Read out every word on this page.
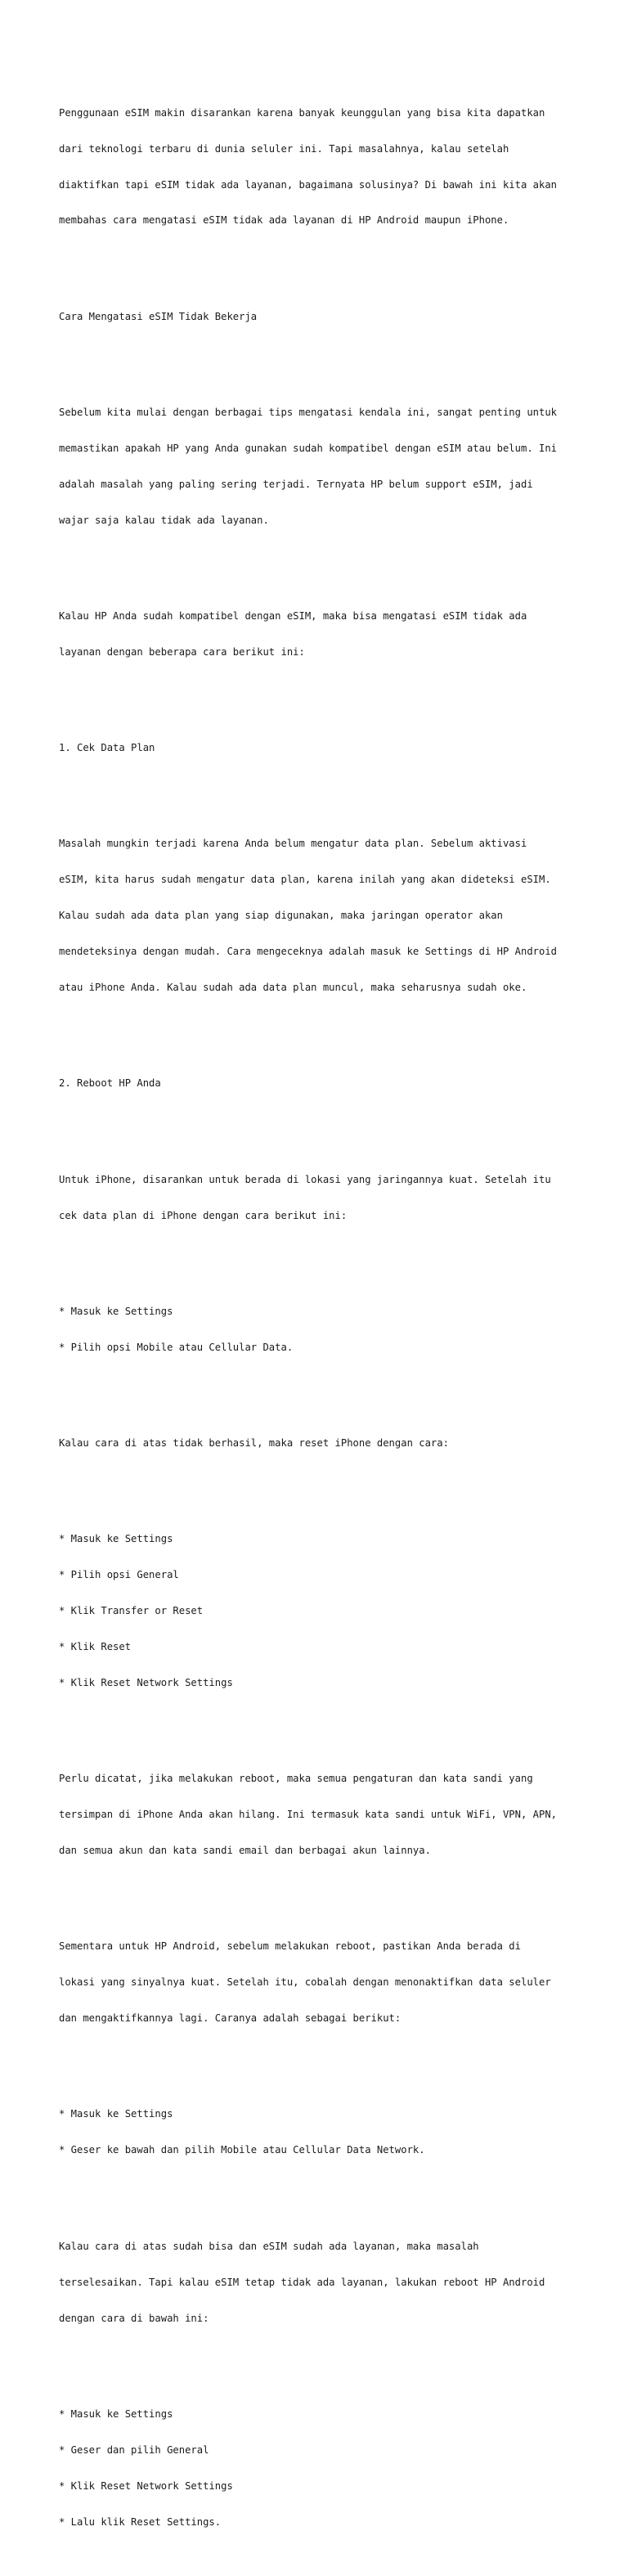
Penggunaan eSIM makin disarankan karena banyak keunggulan yang bisa kita dapatkan

dari teknologi terbaru di dunia seluler ini. Tapi masalahnya, kalau setelah

diaktifkan tapi eSIM tidak ada layanan, bagaimana solusinya? Di bawah ini kita akan

membahas cara mengatasi eSIM tidak ada layanan di HP Android maupun iPhone.

Cara Mengatasi eSIM Tidak Bekerja

Sebelum kita mulai dengan berbagai tips mengatasi kendala ini, sangat penting untuk

memastikan apakah HP yang Anda gunakan sudah kompatibel dengan eSIM atau belum. Ini

adalah masalah yang paling sering terjadi. Ternyata HP belum support eSIM, jadi

wajar saja kalau tidak ada layanan.

Kalau HP Anda sudah kompatibel dengan eSIM, maka bisa mengatasi eSIM tidak ada

layanan dengan beberapa cara berikut ini:

1. Cek Data Plan

Masalah mungkin terjadi karena Anda belum mengatur data plan. Sebelum aktivasi

eSIM, kita harus sudah mengatur data plan, karena inilah yang akan dideteksi eSIM.

Kalau sudah ada data plan yang siap digunakan, maka jaringan operator akan

mendeteksinya dengan mudah. Cara mengeceknya adalah masuk ke Settings di HP Android

atau iPhone Anda. Kalau sudah ada data plan muncul, maka seharusnya sudah oke.

2. Reboot HP Anda

Untuk iPhone, disarankan untuk berada di lokasi yang jaringannya kuat. Setelah itu

cek data plan di iPhone dengan cara berikut ini:

* Masuk ke Settings

* Pilih opsi Mobile atau Cellular Data.

Kalau cara di atas tidak berhasil, maka reset iPhone dengan cara:

* Masuk ke Settings

* Pilih opsi General

* Klik Transfer or Reset

* Klik Reset

* Klik Reset Network Settings

Perlu dicatat, jika melakukan reboot, maka semua pengaturan dan kata sandi yang

tersimpan di iPhone Anda akan hilang. Ini termasuk kata sandi untuk WiFi, VPN, APN,

dan semua akun dan kata sandi email dan berbagai akun lainnya.

Sementara untuk HP Android, sebelum melakukan reboot, pastikan Anda berada di

lokasi yang sinyalnya kuat. Setelah itu, cobalah dengan menonaktifkan data seluler

dan mengaktifkannya lagi. Caranya adalah sebagai berikut:

* Masuk ke Settings

* Geser ke bawah dan pilih Mobile atau Cellular Data Network.

Kalau cara di atas sudah bisa dan eSIM sudah ada layanan, maka masalah

terselesaikan. Tapi kalau eSIM tetap tidak ada layanan, lakukan reboot HP Android

dengan cara di bawah ini:

* Masuk ke Settings

* Geser dan pilih General

* Klik Reset Network Settings

* Lalu klik Reset Settings.
